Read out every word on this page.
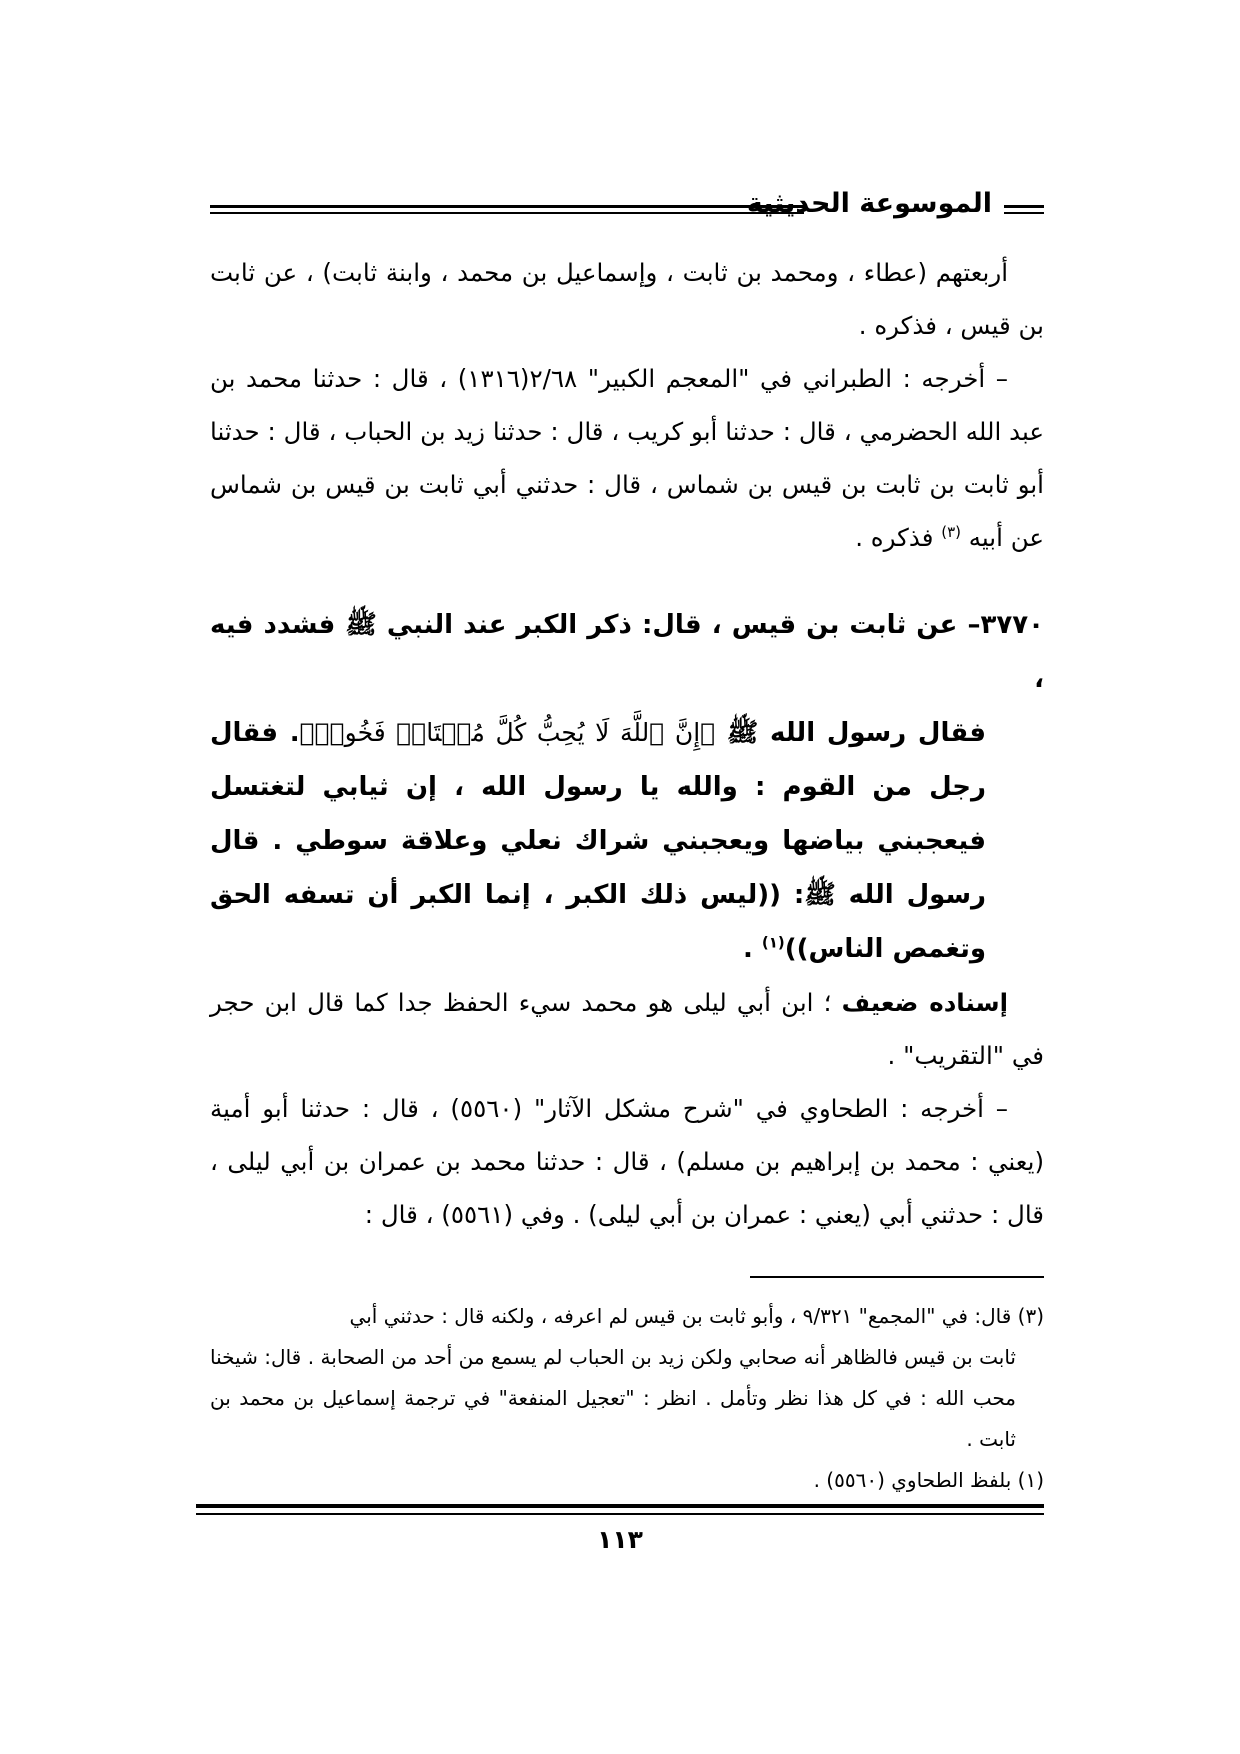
الموسوعة الحديثية

أربعتهم (عطاء ، ومحمد بن ثابت ، وإسماعيل بن محمد ، وابنة ثابت) ، عن ثابت بن قيس ، فذكره .

– أخرجه : الطبراني في "المعجم الكبير" ٢/٦٨(١٣١٦) ، قال : حدثنا محمد بن عبد الله الحضرمي ، قال : حدثنا أبو كريب ، قال : حدثنا زيد بن الحباب ، قال : حدثنا أبو ثابت بن ثابت بن قيس بن شماس ، قال : حدثني أبي ثابت بن قيس بن شماس عن أبيه $^{(٣)}$ فذكره .

٣٧٧٠– عن ثابت بن قيس ، قال: ذكر الكبر عند النبي ﷺ فشدد فيه ،
فقال رسول الله ﷺ ﴿إِنَّ ٱللَّهَ لَا يُحِبُّ كُلَّ مُخۡتَالٖ فَخُورٖ﴾. فقال رجل من القوم : والله يا رسول الله ، إن ثيابي لتغتسل فيعجبني بياضها ويعجبني شراك نعلي وعلاقة سوطي . قال رسول الله ﷺ: ((ليس ذلك الكبر ، إنما الكبر أن تسفه الحق وتغمص الناس))$^{(١)}$ .

إسناده ضعيف ؛ ابن أبي ليلى هو محمد سيء الحفظ جدا كما قال ابن حجر في "التقريب" .

– أخرجه : الطحاوي في "شرح مشكل الآثار" (٥٥٦٠) ، قال : حدثنا أبو أمية (يعني : محمد بن إبراهيم بن مسلم) ، قال : حدثنا محمد بن عمران بن أبي ليلى ، قال : حدثني أبي (يعني : عمران بن أبي ليلى) . وفي (٥٥٦١) ، قال :

(٣) قال: في "المجمع" ٩/٣٢١ ، وأبو ثابت بن قيس لم اعرفه ، ولكنه قال : حدثني أبي
ثابت بن قيس فالظاهر أنه صحابي ولكن زيد بن الحباب لم يسمع من أحد من الصحابة . قال: شيخنا محب الله : في كل هذا نظر وتأمل . انظر : "تعجيل المنفعة" في ترجمة إسماعيل بن محمد بن ثابت .

(١) بلفظ الطحاوي (٥٥٦٠) .

١١٣
